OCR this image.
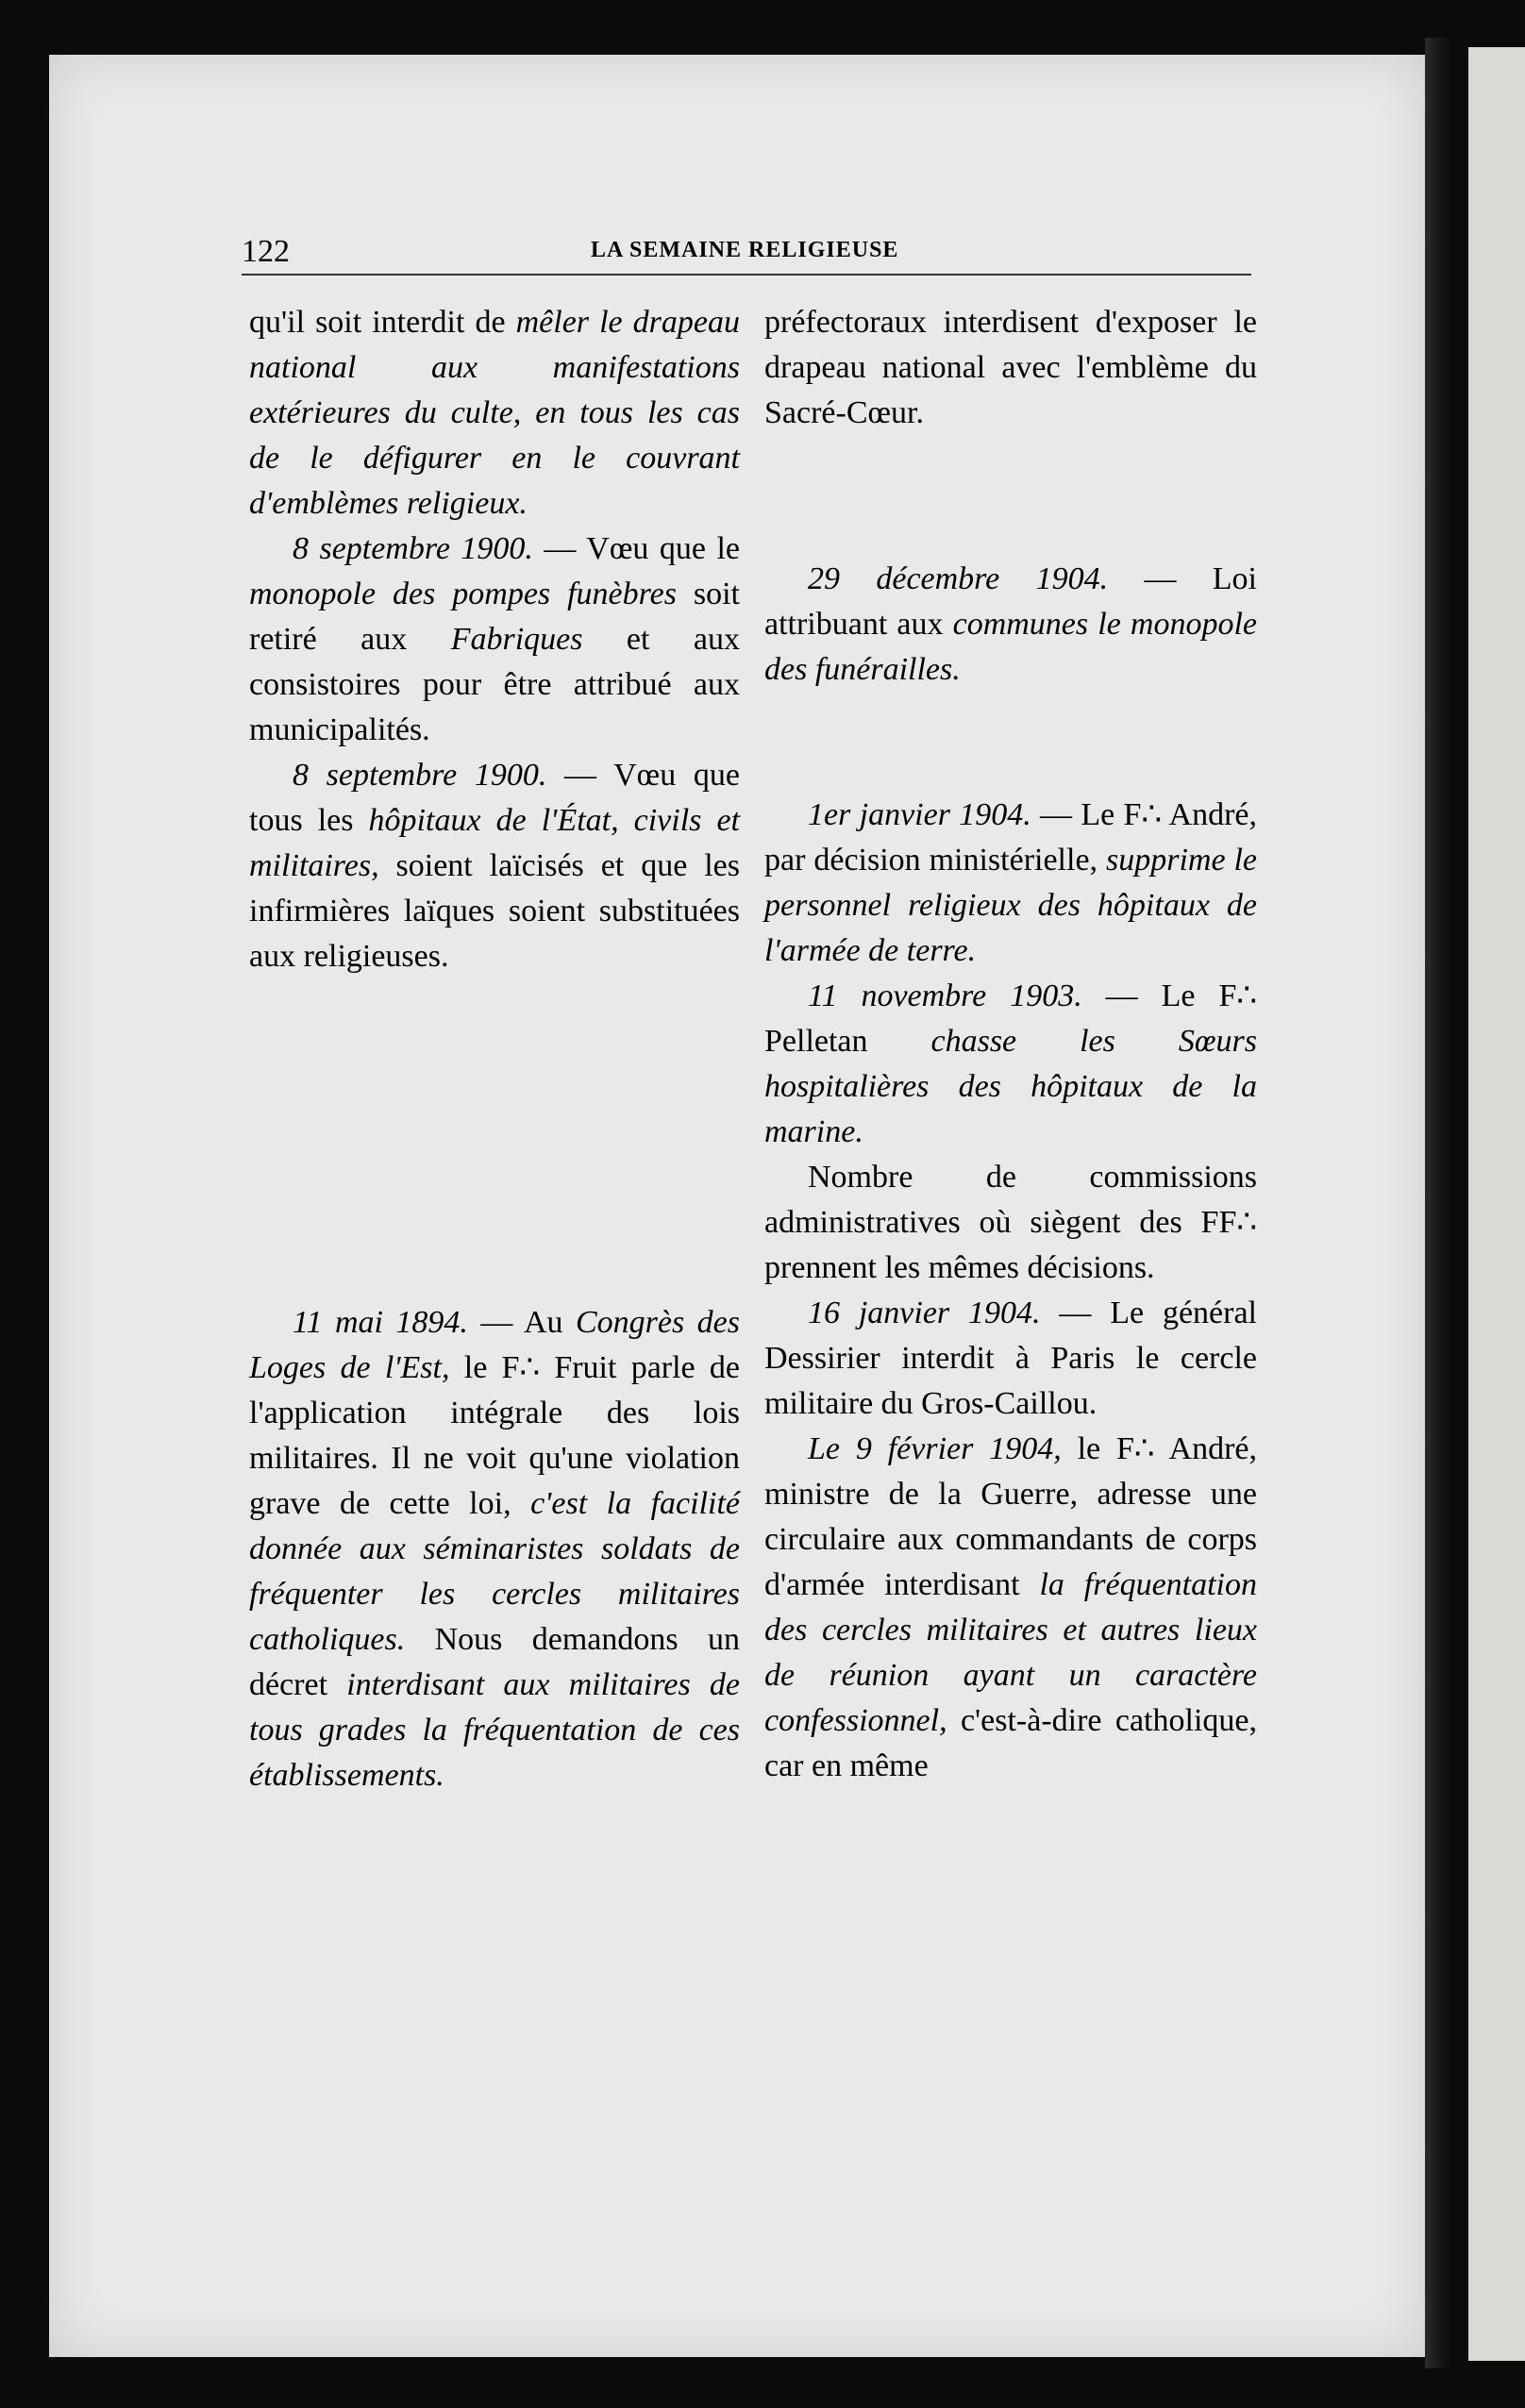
122	LA SEMAINE RELIGIEUSE

qu'il soit interdit de mêler le drapeau national aux manifestations extérieures du culte, en tous les cas de le défigurer en le couvrant d'emblèmes religieux.

8 septembre 1900. — Vœu que le monopole des pompes funèbres soit retiré aux Fabriques et aux consistoires pour être attribué aux municipalités.

8 septembre 1900. — Vœu que tous les hôpitaux de l'État, civils et militaires, soient laïcisés et que les infirmières laïques soient substituées aux religieuses.

11 mai 1894. — Au Congrès des Loges de l'Est, le F∴ Fruit parle de l'application intégrale des lois militaires. Il ne voit qu'une violation grave de cette loi, c'est la facilité donnée aux séminaristes soldats de fréquenter les cercles militaires catholiques. Nous demandons un décret interdisant aux militaires de tous grades la fréquentation de ces établissements.

préfectoraux interdisent d'exposer le drapeau national avec l'emblème du Sacré-Cœur.

29 décembre 1904. — Loi attribuant aux communes le monopole des funérailles.

1er janvier 1904. — Le F∴ André, par décision ministérielle, supprime le personnel religieux des hôpitaux de l'armée de terre.

11 novembre 1903. — Le F∴ Pelletan chasse les Sœurs hospitalières des hôpitaux de la marine.

Nombre de commissions administratives où siègent des FF∴ prennent les mêmes décisions.

16 janvier 1904. — Le général Dessirier interdit à Paris le cercle militaire du Gros-Caillou.

Le 9 février 1904, le F∴ André, ministre de la Guerre, adresse une circulaire aux commandants de corps d'armée interdisant la fréquentation des cercles militaires et autres lieux de réunion ayant un caractère confessionnel, c'est-à-dire catholique, car en même
